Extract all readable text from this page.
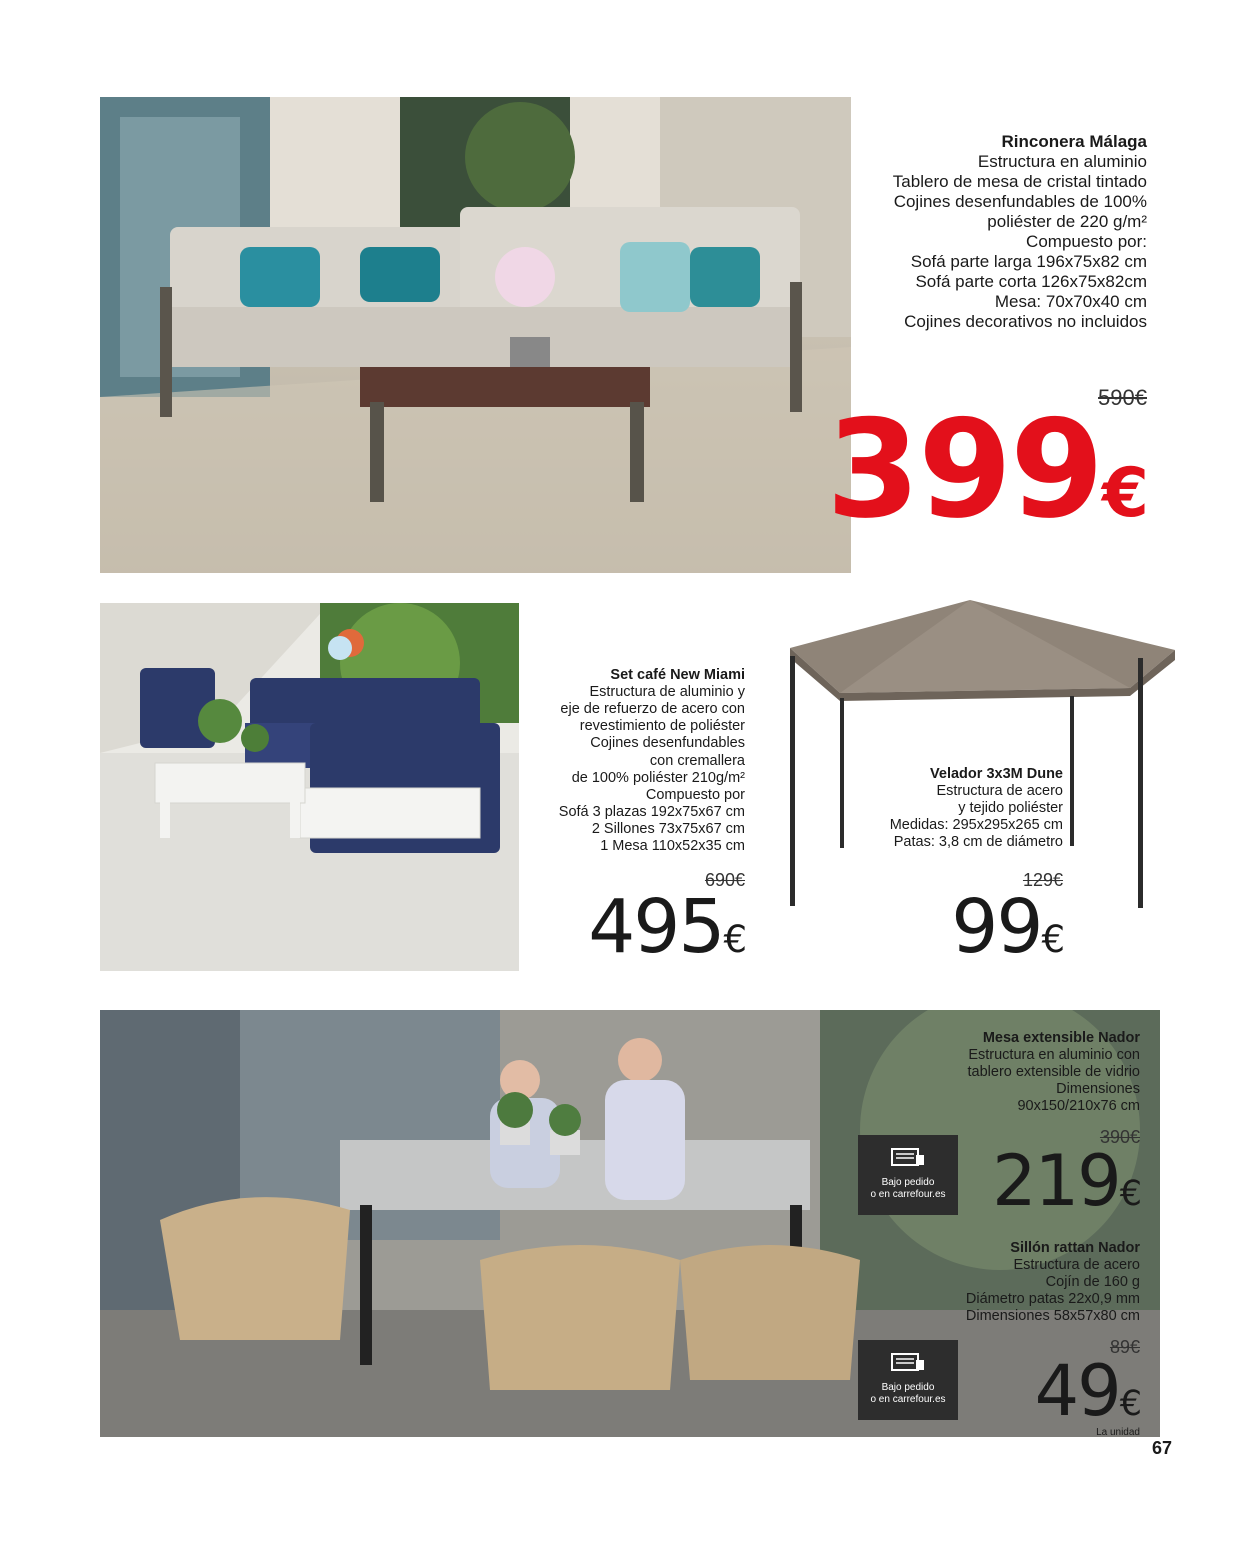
Rinconera Málaga
Estructura en aluminio
Tablero de mesa de cristal tintado
Cojines desenfundables de 100%
poliéster de 220 g/m²
Compuesto por:
Sofá parte larga 196x75x82 cm
Sofá parte corta 126x75x82cm
Mesa: 70x70x40 cm
Cojines decorativos no incluidos
590€
399€
Set café New Miami
Estructura de aluminio y
eje de refuerzo de acero con
revestimiento de poliéster
Cojines desenfundables
con cremallera
de 100% poliéster 210g/m²
Compuesto por
Sofá 3 plazas 192x75x67 cm
2 Sillones 73x75x67 cm
1 Mesa 110x52x35 cm
690€
495€
Velador 3x3M Dune
Estructura de acero
y tejido poliéster
Medidas: 295x295x265 cm
Patas: 3,8 cm de diámetro
129€
99€
Mesa extensible Nador
Estructura en aluminio con
tablero extensible de vidrio
Dimensiones
90x150/210x76 cm
390€
219€
Bajo pedido
o en carrefour.es
Sillón rattan Nador
Estructura de acero
Cojín de 160 g
Diámetro patas 22x0,9 mm
Dimensiones 58x57x80 cm
89€
49€
La unidad
Bajo pedido
o en carrefour.es
67
